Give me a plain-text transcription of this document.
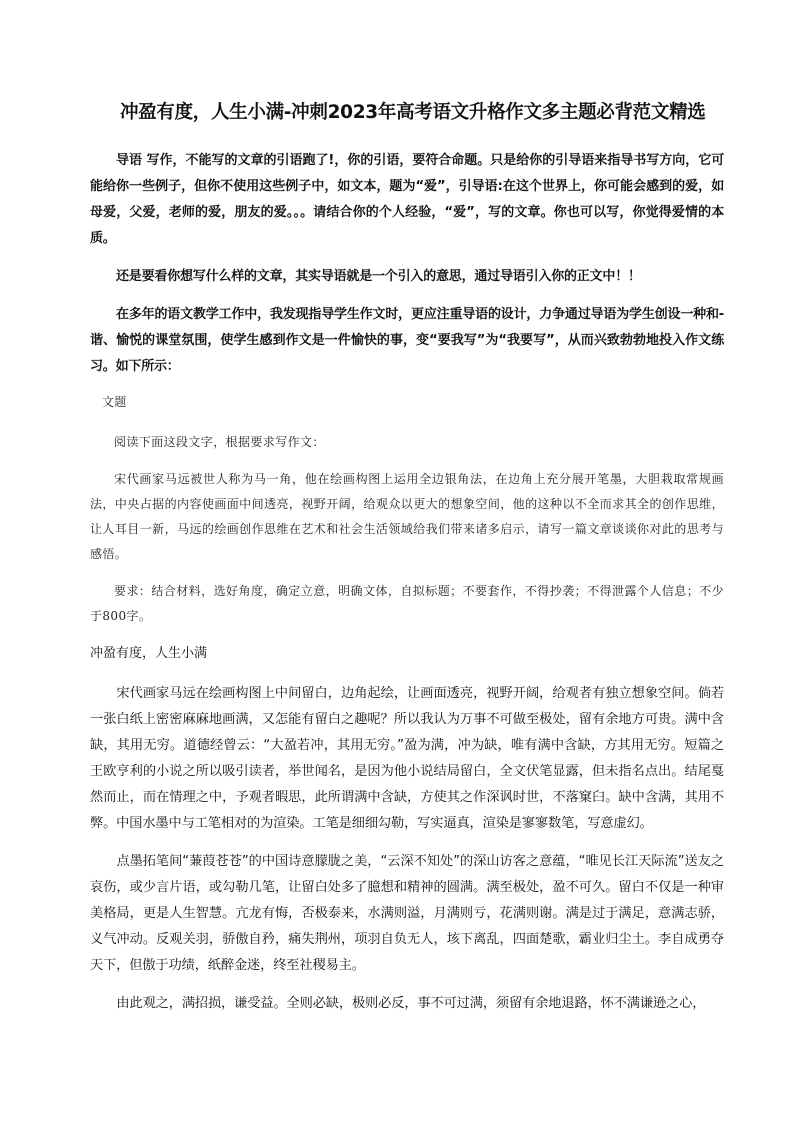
冲盈有度，人生小满-冲刺2023年高考语文升格作文多主题必背范文精选

导语 写作，不能写的文章的引语跑了!，你的引语，要符合命题。只是给你的引导语来指导书写方向，它可能给你一些例子，但你不使用这些例子中，如文本，题为“爱”，引导语:在这个世界上，你可能会感到的爱，如母爱，父爱，老师的爱，朋友的爱。。。请结合你的个人经验，“爱”，写的文章。你也可以写，你觉得爱情的本质。

还是要看你想写什么样的文章，其实导语就是一个引入的意思，通过导语引入你的正文中！！

在多年的语文教学工作中，我发现指导学生作文时，更应注重导语的设计，力争通过导语为学生创设一种和-谐、愉悦的课堂氛围，使学生感到作文是一件愉快的事，变“要我写”为“我要写”，从而兴致勃勃地投入作文练习。如下所示：

文题

阅读下面这段文字，根据要求写作文：

宋代画家马远被世人称为马一角，他在绘画构图上运用全边银角法，在边角上充分展开笔墨，大胆栽取常规画法，中央占据的内容使画面中间透亮，视野开阔，给观众以更大的想象空间，他的这种以不全而求其全的创作思维，让人耳目一新，马远的绘画创作思维在艺术和社会生活领域给我们带来诸多启示，请写一篇文章谈谈你对此的思考与感悟。

要求：结合材料，选好角度，确定立意，明确文体，自拟标题；不要套作，不得抄袭；不得泄露个人信息；不少于800字。

冲盈有度，人生小满

宋代画家马远在绘画构图上中间留白，边角起绘，让画面透亮，视野开阔，给观者有独立想象空间。倘若一张白纸上密密麻麻地画满，又怎能有留白之趣呢？所以我认为万事不可做至极处，留有余地方可贵。满中含缺，其用无穷。道德经曾云：“大盈若冲，其用无穷。”盈为满，冲为缺，唯有满中含缺，方其用无穷。短篇之王欧亨利的小说之所以吸引读者，举世闻名，是因为他小说结局留白，全文伏笔显露，但未指名点出。结尾戛然而止，而在情理之中，予观者暇思，此所谓满中含缺，方使其之作深讽时世，不落窠臼。缺中含满，其用不弊。中国水墨中与工笔相对的为渲染。工笔是细细勾勒，写实逼真，渲染是寥寥数笔，写意虚幻。

点墨拓笔间“蒹葭苍苍”的中国诗意朦胧之美，“云深不知处”的深山访客之意蕴，“唯见长江天际流”送友之哀伤，或少言片语，或勾勒几笔，让留白处多了臆想和精神的圆满。满至极处，盈不可久。留白不仅是一种审美格局，更是人生智慧。亢龙有悔，否极泰来，水满则溢，月满则亏，花满则谢。满是过于满足，意满志骄，义气冲动。反观关羽，骄傲自矜，痛失荆州，项羽自负无人，垓下离乱，四面楚歌，霸业归尘土。李自成勇夺天下，但傲于功绩，纸醉金迷，终至社稷易主。

由此观之，满招损，谦受益。全则必缺，极则必反，事不可过满，须留有余地退路，怀不满谦逊之心，
